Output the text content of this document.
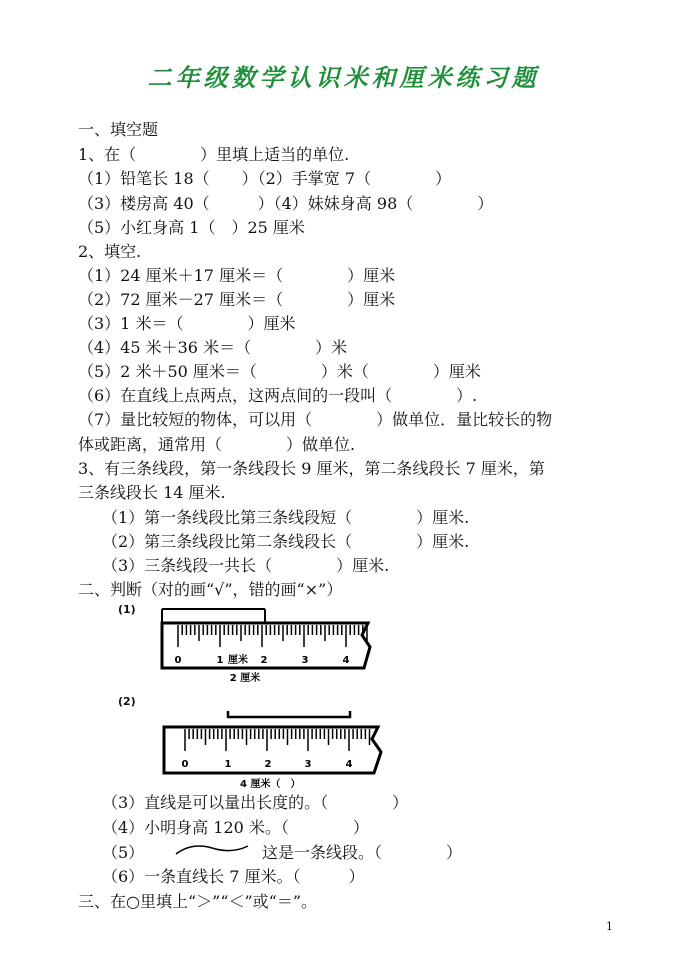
二年级数学认识米和厘米练习题
一、填空题
1、在（　　　　）里填上适当的单位.
（1）铅笔长 18（　　）（2）手掌宽 7（　　　　）
（3）楼房高 40（　　　）（4）妹妹身高 98（　　　　）
（5）小红身高 1（　）25 厘米
2、填空.
（1）24 厘米＋17 厘米＝（　　　　）厘米
（2）72 厘米－27 厘米＝（　　　　）厘米
（3）1 米＝（　　　　）厘米
（4）45 米＋36 米＝（　　　　）米
（5）2 米＋50 厘米＝（　　　　）米（　　　　）厘米
（6）在直线上点两点，这两点间的一段叫（　　　　）.
（7）量比较短的物体，可以用（　　　　）做单位．量比较长的物
体或距离，通常用（　　　　）做单位.
3、有三条线段，第一条线段长 9 厘米，第二条线段长 7 厘米，第
三条线段长 14 厘米.
（1）第一条线段比第三条线段短（　　　　）厘米.
（2）第三条线段比第二条线段长（　　　　）厘米.
（3）三条线段一共长（　　　　）厘米.
二、判断（对的画“√”，错的画“×”）
(1)
0	1	2	3	4
厘米
2 厘米
(2)
0	1	2	3	4
4 厘米（　）
（3）直线是可以量出长度的。（　　　　）
（4）小明身高 120 米。（　　　　）
（5）	这是一条线段。（　　　　）
（6）一条直线长 7 厘米。（　　　）
三、在○里填上“＞”“＜”或“＝”。
1
